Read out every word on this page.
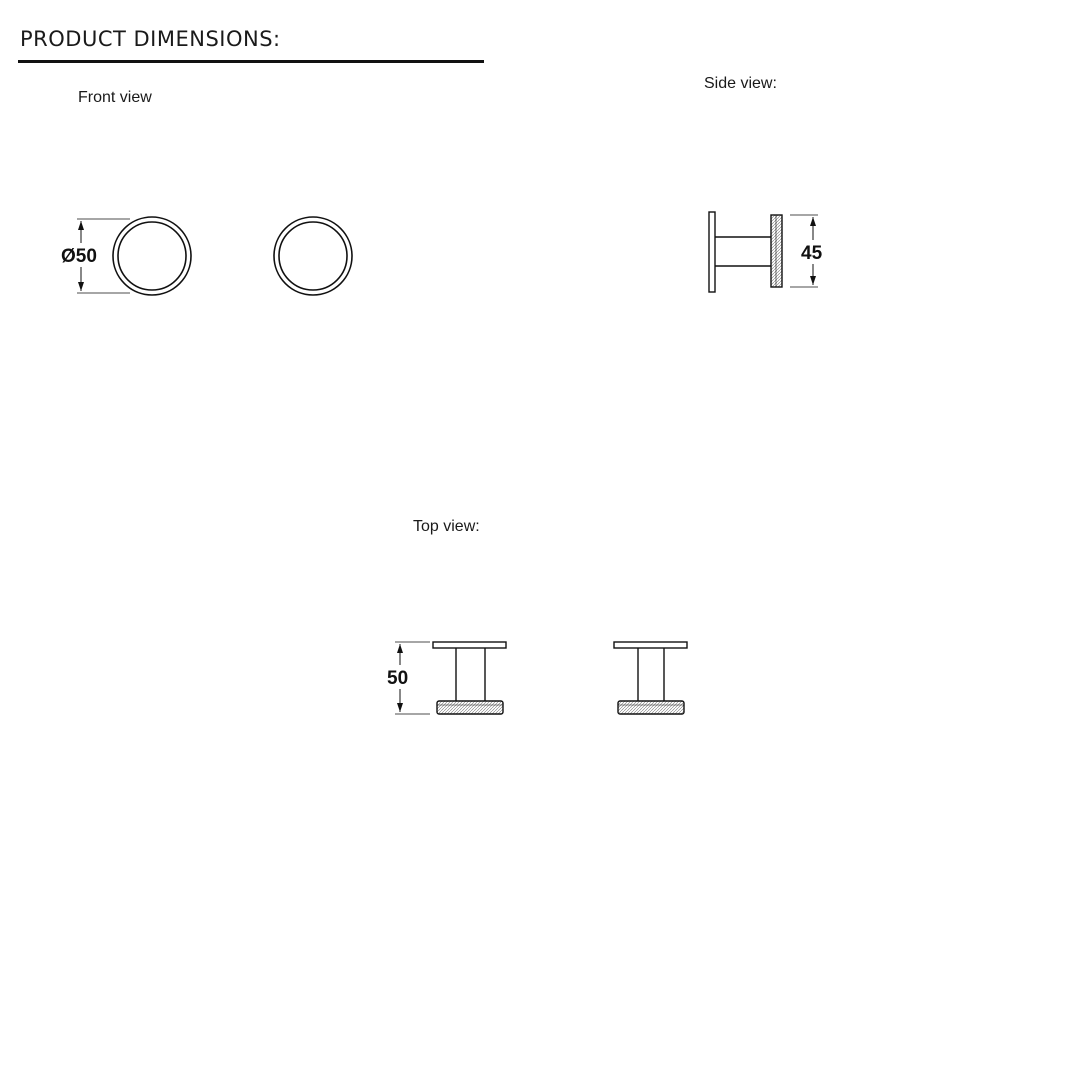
PRODUCT DIMENSIONS:
Front view
Side view:
Top view:
Ø50	45
50
